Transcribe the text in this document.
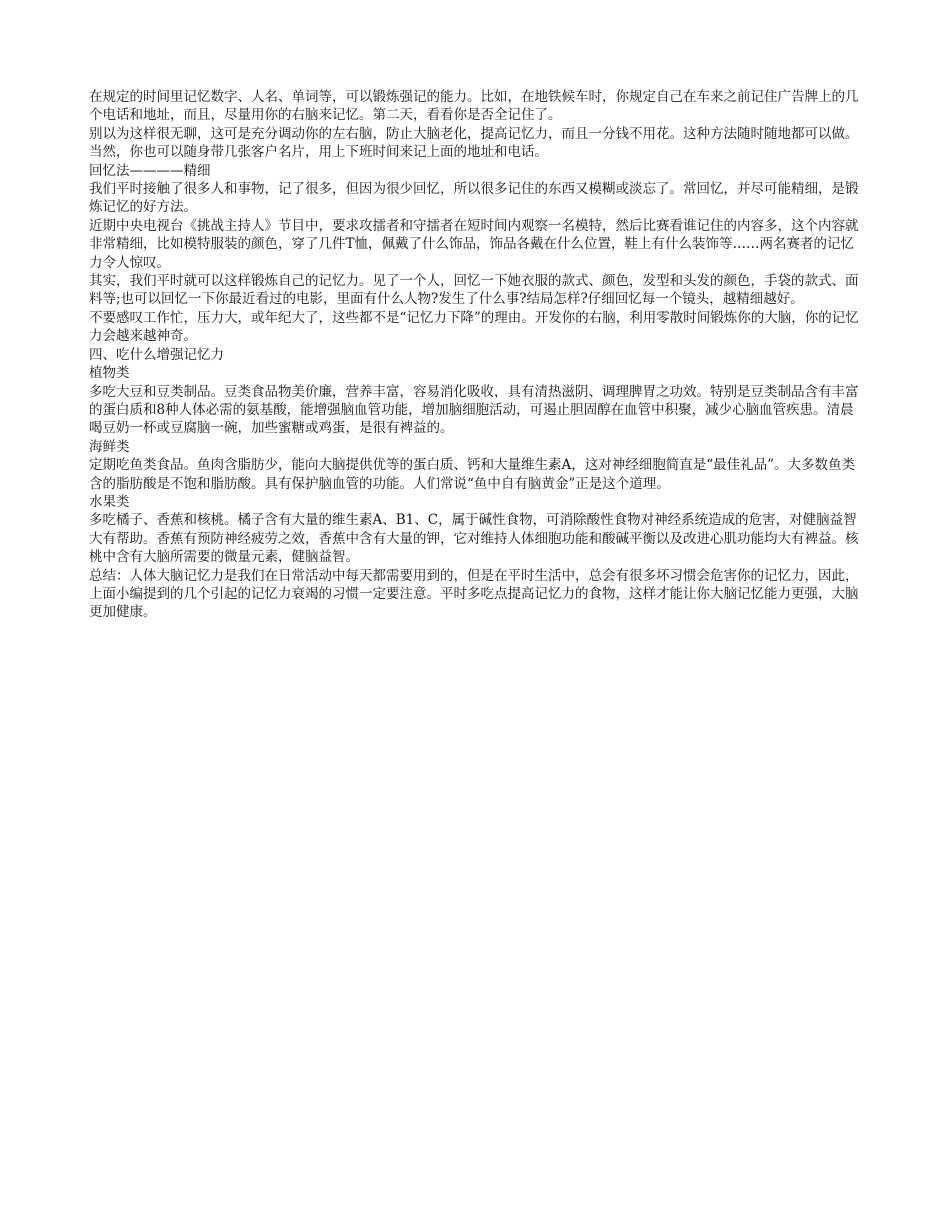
在规定的时间里记忆数字、人名、单词等，可以锻炼强记的能力。比如，在地铁候车时，你规定自己在车来之前记住广告牌上的几个电话和地址，而且，尽量用你的右脑来记忆。第二天，看看你是否全记住了。

别以为这样很无聊，这可是充分调动你的左右脑，防止大脑老化，提高记忆力，而且一分钱不用花。这种方法随时随地都可以做。当然，你也可以随身带几张客户名片，用上下班时间来记上面的地址和电话。

回忆法————精细

我们平时接触了很多人和事物，记了很多，但因为很少回忆，所以很多记住的东西又模糊或淡忘了。常回忆，并尽可能精细，是锻炼记忆的好方法。

近期中央电视台《挑战主持人》节目中，要求攻擂者和守擂者在短时间内观察一名模特，然后比赛看谁记住的内容多，这个内容就非常精细，比如模特服装的颜色，穿了几件T恤，佩戴了什么饰品，饰品各戴在什么位置，鞋上有什么装饰等……两名赛者的记忆力令人惊叹。

其实，我们平时就可以这样锻炼自己的记忆力。见了一个人，回忆一下她衣服的款式、颜色，发型和头发的颜色，手袋的款式、面料等;也可以回忆一下你最近看过的电影，里面有什么人物?发生了什么事?结局怎样?仔细回忆每一个镜头，越精细越好。

不要感叹工作忙，压力大，或年纪大了，这些都不是“记忆力下降”的理由。开发你的右脑，利用零散时间锻炼你的大脑，你的记忆力会越来越神奇。

四、吃什么增强记忆力

植物类

多吃大豆和豆类制品。豆类食品物美价廉，营养丰富，容易消化吸收，具有清热滋阴、调理脾胃之功效。特别是豆类制品含有丰富的蛋白质和8种人体必需的氨基酸，能增强脑血管功能，增加脑细胞活动，可遏止胆固醇在血管中积聚，减少心脑血管疾患。清晨喝豆奶一杯或豆腐脑一碗，加些蜜糖或鸡蛋，是很有裨益的。

海鲜类

定期吃鱼类食品。鱼肉含脂肪少，能向大脑提供优等的蛋白质、钙和大量维生素A，这对神经细胞简直是“最佳礼品”。大多数鱼类含的脂肪酸是不饱和脂肪酸。具有保护脑血管的功能。人们常说“鱼中自有脑黄金”正是这个道理。

水果类

多吃橘子、香蕉和核桃。橘子含有大量的维生素A、B1、C，属于碱性食物，可消除酸性食物对神经系统造成的危害，对健脑益智大有帮助。香蕉有预防神经疲劳之效，香蕉中含有大量的钾，它对维持人体细胞功能和酸碱平衡以及改进心肌功能均大有裨益。核桃中含有大脑所需要的微量元素，健脑益智。

总结：人体大脑记忆力是我们在日常活动中每天都需要用到的，但是在平时生活中，总会有很多坏习惯会危害你的记忆力，因此，上面小编提到的几个引起的记忆力衰竭的习惯一定要注意。平时多吃点提高记忆力的食物，这样才能让你大脑记忆能力更强，大脑更加健康。
